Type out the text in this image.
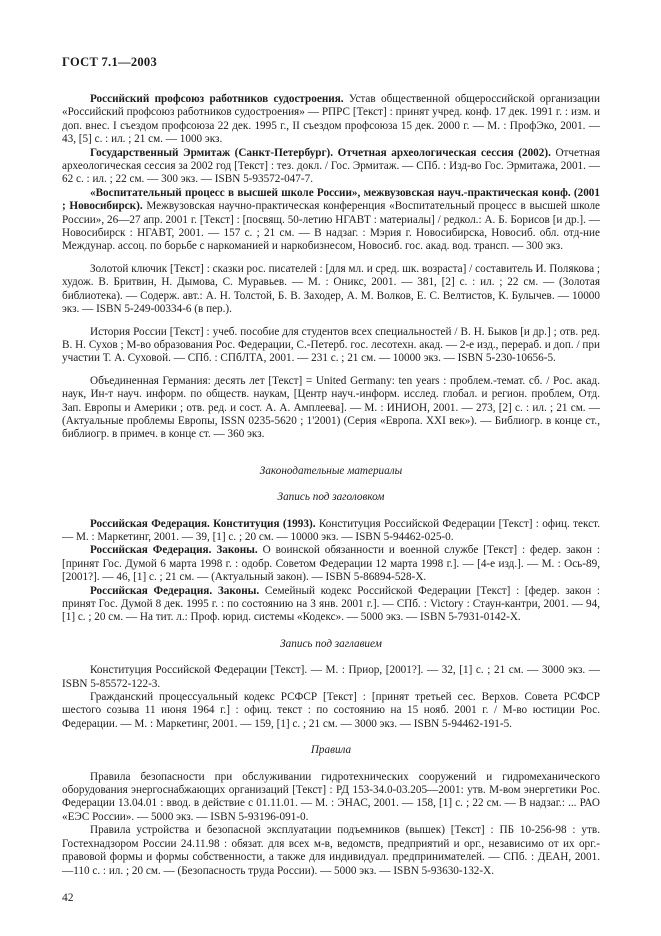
ГОСТ 7.1—2003

Российский профсоюз работников судостроения. Устав общественной общероссийской организации «Российский профсоюз работников судостроения» — РПРС [Текст] : принят учред. конф. 17 дек. 1991 г. : изм. и доп. внес. I съездом профсоюза 22 дек. 1995 г., II съездом профсоюза 15 дек. 2000 г. — М. : ПрофЭко, 2001. — 43, [5] с. : ил. ; 21 см. — 1000 экз.

Государственный Эрмитаж (Санкт-Петербург). Отчетная археологическая сессия (2002). Отчетная археологическая сессия за 2002 год [Текст] : тез. докл. / Гос. Эрмитаж. — СПб. : Изд-во Гос. Эрмитажа, 2001. — 62 с. : ил. ; 22 см. — 300 экз. — ISBN 5-93572-047-7.

«Воспитательный процесс в высшей школе России», межвузовская науч.-практическая конф. (2001 ; Новосибирск). Межвузовская научно-практическая конференция «Воспитательный процесс в высшей школе России», 26—27 апр. 2001 г. [Текст] : [посвящ. 50-летию НГАВТ : материалы] / редкол.: А. Б. Борисов [и др.]. — Новосибирск : НГАВТ, 2001. — 157 с. ; 21 см. — В надзаг. : Мэрия г. Новосибирска, Новосиб. обл. отд-ние Междунар. ассоц. по борьбе с наркоманией и наркобизнесом, Новосиб. гос. акад. вод. трансп. — 300 экз.

Золотой ключик [Текст] : сказки рос. писателей : [для мл. и сред. шк. возраста] / составитель И. Полякова ; худож. В. Бритвин, Н. Дымова, С. Муравьев. — М. : Оникс, 2001. — 381, [2] с. : ил. ; 22 см. — (Золотая библиотека). — Содерж. авт.: А. Н. Толстой, Б. В. Заходер, А. М. Волков, Е. С. Велтистов, К. Булычев. — 10000 экз. — ISBN 5-249-00334-6 (в пер.).

История России [Текст] : учеб. пособие для студентов всех специальностей / В. Н. Быков [и др.] ; отв. ред. В. Н. Сухов ; М-во образования Рос. Федерации, С.-Петерб. гос. лесотехн. акад. — 2-е изд., перераб. и доп. / при участии Т. А. Суховой. — СПб. : СПбЛТА, 2001. — 231 с. ; 21 см. — 10000 экз. — ISBN 5-230-10656-5.

Объединенная Германия: десять лет [Текст] = United Germany: ten years : проблем.-темат. сб. / Рос. акад. наук, Ин-т науч. информ. по обществ. наукам, [Центр науч.-информ. исслед. глобал. и регион. проблем, Отд. Зап. Европы и Америки ; отв. ред. и сост. А. А. Амплеева]. — М. : ИНИОН, 2001. — 273, [2] с. : ил. ; 21 см. — (Актуальные проблемы Европы, ISSN 0235-5620 ; 1'2001) (Серия «Европа. XXI век»). — Библиогр. в конце ст., библиогр. в примеч. в конце ст. — 360 экз.

Законодательные материалы
Запись под заголовком

Российская Федерация. Конституция (1993). Конституция Российской Федерации [Текст] : офиц. текст. — М. : Маркетинг, 2001. — 39, [1] с. ; 20 см. — 10000 экз. — ISBN 5-94462-025-0.

Российская Федерация. Законы. О воинской обязанности и военной службе [Текст] : федер. закон : [принят Гос. Думой 6 марта 1998 г. : одобр. Советом Федерации 12 марта 1998 г.]. — [4-е изд.]. — М. : Ось-89, [2001?]. — 46, [1] с. ; 21 см. — (Актуальный закон). — ISBN 5-86894-528-X.

Российская Федерация. Законы. Семейный кодекс Российской Федерации [Текст] : [федер. закон : принят Гос. Думой 8 дек. 1995 г. : по состоянию на 3 янв. 2001 г.]. — СПб. : Victory : Стаун-кантри, 2001. — 94, [1] с. ; 20 см. — На тит. л.: Проф. юрид. системы «Кодекс». — 5000 экз. — ISBN 5-7931-0142-X.

Запись под заглавием

Конституция Российской Федерации [Текст]. — М. : Приор, [2001?]. — 32, [1] с. ; 21 см. — 3000 экз. — ISBN 5-85572-122-3.

Гражданский процессуальный кодекс РСФСР [Текст] : [принят третьей сес. Верхов. Совета РСФСР шестого созыва 11 июня 1964 г.] : офиц. текст : по состоянию на 15 нояб. 2001 г. / М-во юстиции Рос. Федерации. — М. : Маркетинг, 2001. — 159, [1] с. ; 21 см. — 3000 экз. — ISBN 5-94462-191-5.

Правила

Правила безопасности при обслуживании гидротехнических сооружений и гидромеханического оборудования энергоснабжающих организаций [Текст] : РД 153-34.0-03.205—2001: утв. М-вом энергетики Рос. Федерации 13.04.01 : ввод. в действие с 01.11.01. — М. : ЭНАС, 2001. — 158, [1] с. ; 22 см. — В надзаг.: ... РАО «ЕЭС России». — 5000 экз. — ISBN 5-93196-091-0.

Правила устройства и безопасной эксплуатации подъемников (вышек) [Текст] : ПБ 10-256-98 : утв. Гостехнадзором России 24.11.98 : обязат. для всех м-в, ведомств, предприятий и орг., независимо от их орг.-правовой формы и формы собственности, а также для индивидуал. предпринимателей. — СПб. : ДЕАН, 2001. —110 с. : ил. ; 20 см. — (Безопасность труда России). — 5000 экз. — ISBN 5-93630-132-X.

42
